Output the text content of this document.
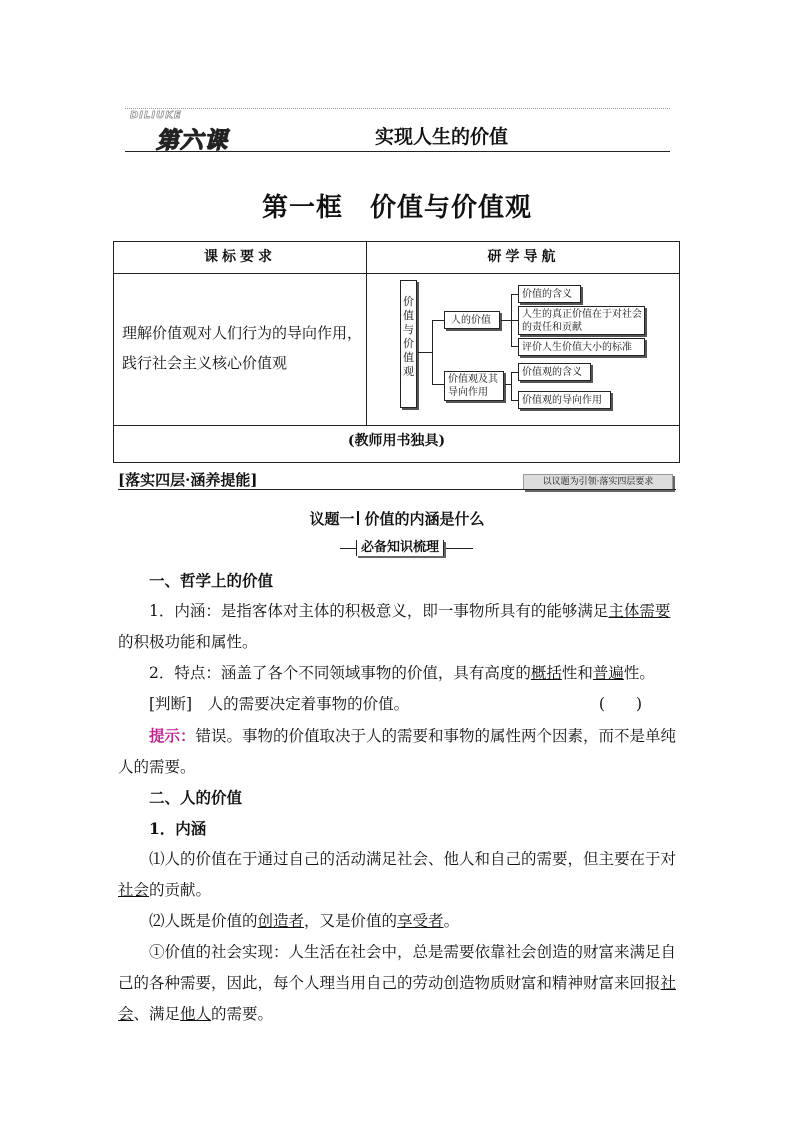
DILIUKE
第六课	实现人生的价值
第一框　价值与价值观
课标要求	研学导航
理解价值观对人们行为的导向作用，践行社会主义核心价值观
价值与价值观
人的价值
价值的含义
人生的真正价值在于对社会的责任和贡献
评价人生价值大小的标准
价值观及其导向作用
价值观的含义
价值观的导向作用
(教师用书独具)
[落实四层·涵养提能]	以议题为引领·落实四层要求
议题一 价值的内涵是什么
必备知识梳理
一、哲学上的价值
1．内涵：是指客体对主体的积极意义，即一事物所具有的能够满足主体需要的积极功能和属性。
2．特点：涵盖了各个不同领域事物的价值，具有高度的概括性和普遍性。
[判断]　 人的需要决定着事物的价值。	(　　)
提示：错误。事物的价值取决于人的需要和事物的属性两个因素，而不是单纯人的需要。
二、人的价值
1．内涵
⑴人的价值在于通过自己的活动满足社会、他人和自己的需要，但主要在于对社会的贡献。
⑵人既是价值的创造者，又是价值的享受者。
①价值的社会实现：人生活在社会中，总是需要依靠社会创造的财富来满足自己的各种需要，因此，每个人理当用自己的劳动创造物质财富和精神财富来回报社会、满足他人的需要。
